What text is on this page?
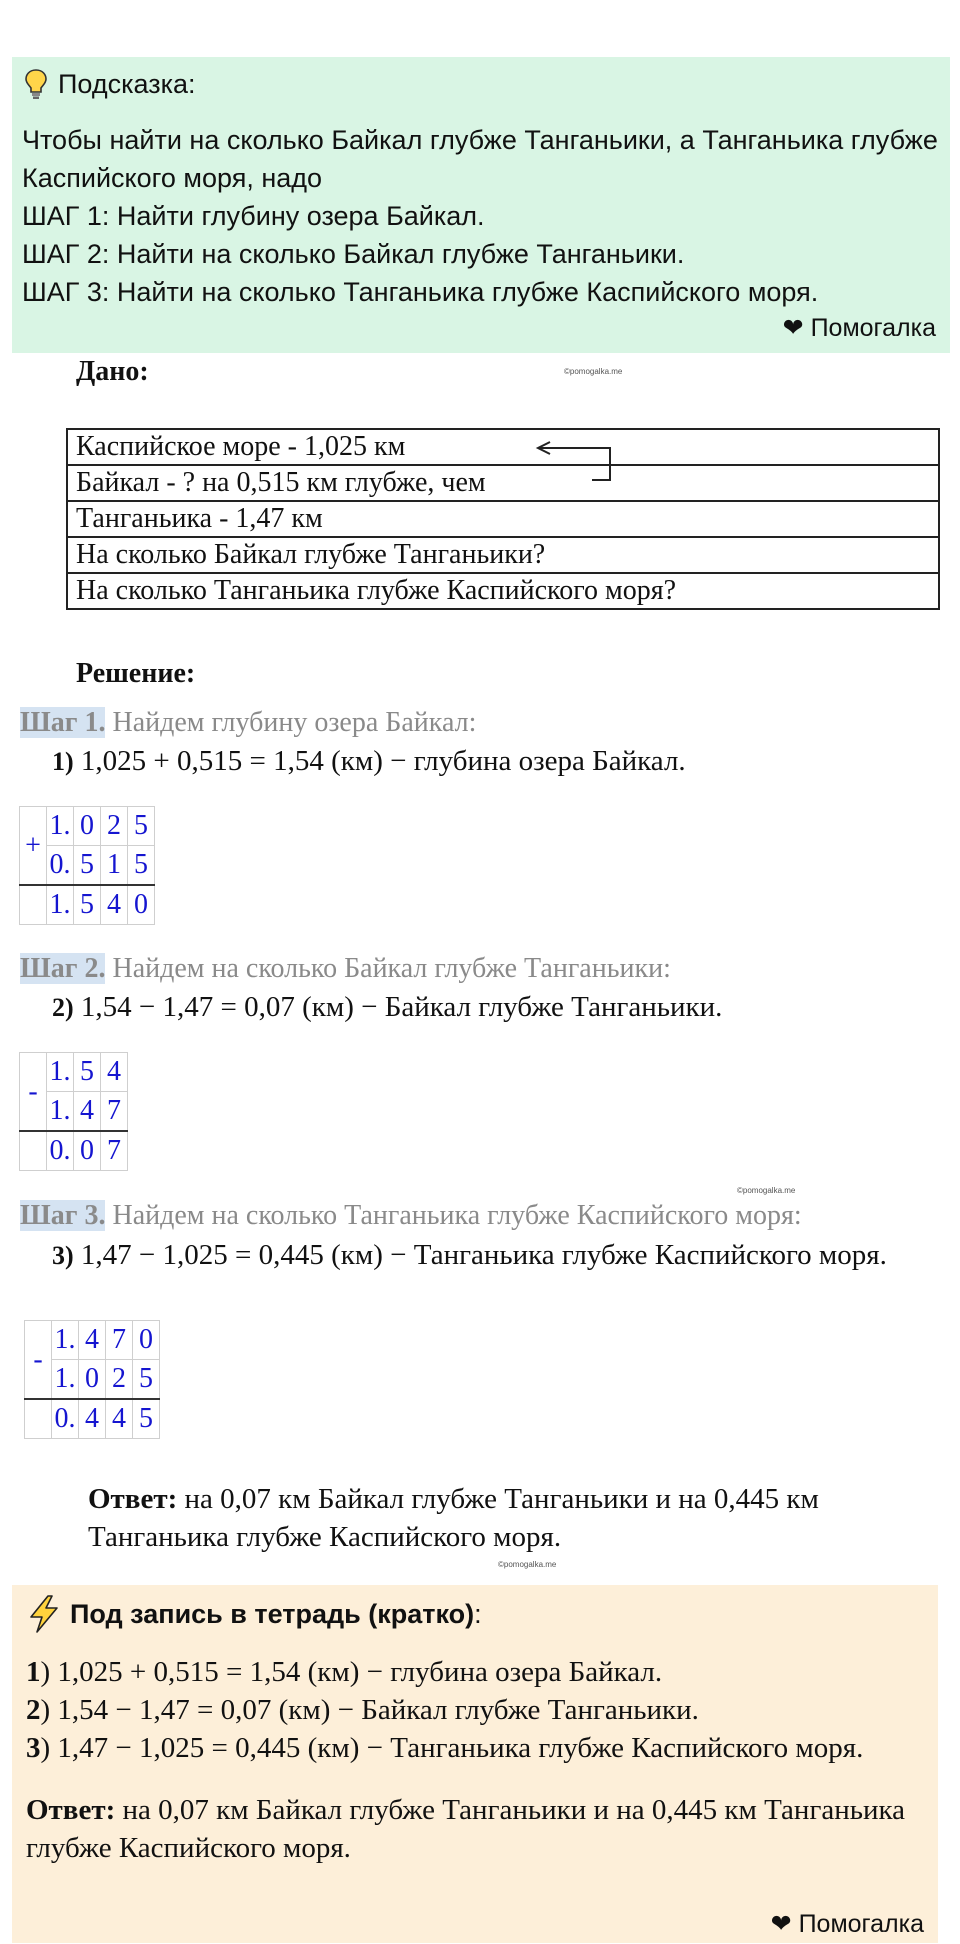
Подсказка:
Чтобы найти на сколько Байкал глубже Танганьики, а Танганьика глубже Каспийского моря, надо
ШАГ 1: Найти глубину озера Байкал.
ШАГ 2: Найти на сколько Байкал глубже Танганьики.
ШАГ 3: Найти на сколько Танганьика глубже Каспийского моря.
❤ Помогалка
Дано:	©pomogalka.me
Каспийское море - 1,025 км
Байкал - ? на 0,515 км глубже, чем
Танганьика - 1,47 км
На сколько Байкал глубже Танганьики?
На сколько Танганьика глубже Каспийского моря?
Решение:
Шаг 1. Найдем глубину озера Байкал:
1) 1,025 + 0,515 = 1,54 (км) − глубина озера Байкал.
+	1.	0	2	5
	0.	5	1	5
	1.	5	4	0
Шаг 2. Найдем на сколько Байкал глубже Танганьики:
2) 1,54 − 1,47 = 0,07 (км) − Байкал глубже Танганьики.
-	1.	5	4
	1.	4	7
	0.	0	7
©pomogalka.me
Шаг 3. Найдем на сколько Танганьика глубже Каспийского моря:
3) 1,47 − 1,025 = 0,445 (км) − Танганьика глубже Каспийского моря.
-	1.	4	7	0
	1.	0	2	5
	0.	4	4	5
Ответ: на 0,07 км Байкал глубже Танганьики и на 0,445 км Танганьика глубже Каспийского моря.
©pomogalka.me
Под запись в тетрадь (кратко) :
1) 1,025 + 0,515 = 1,54 (км) − глубина озера Байкал.
2) 1,54 − 1,47 = 0,07 (км) − Байкал глубже Танганьики.
3) 1,47 − 1,025 = 0,445 (км) − Танганьика глубже Каспийского моря.
Ответ: на 0,07 км Байкал глубже Танганьики и на 0,445 км Танганьика глубже Каспийского моря.
❤ Помогалка
